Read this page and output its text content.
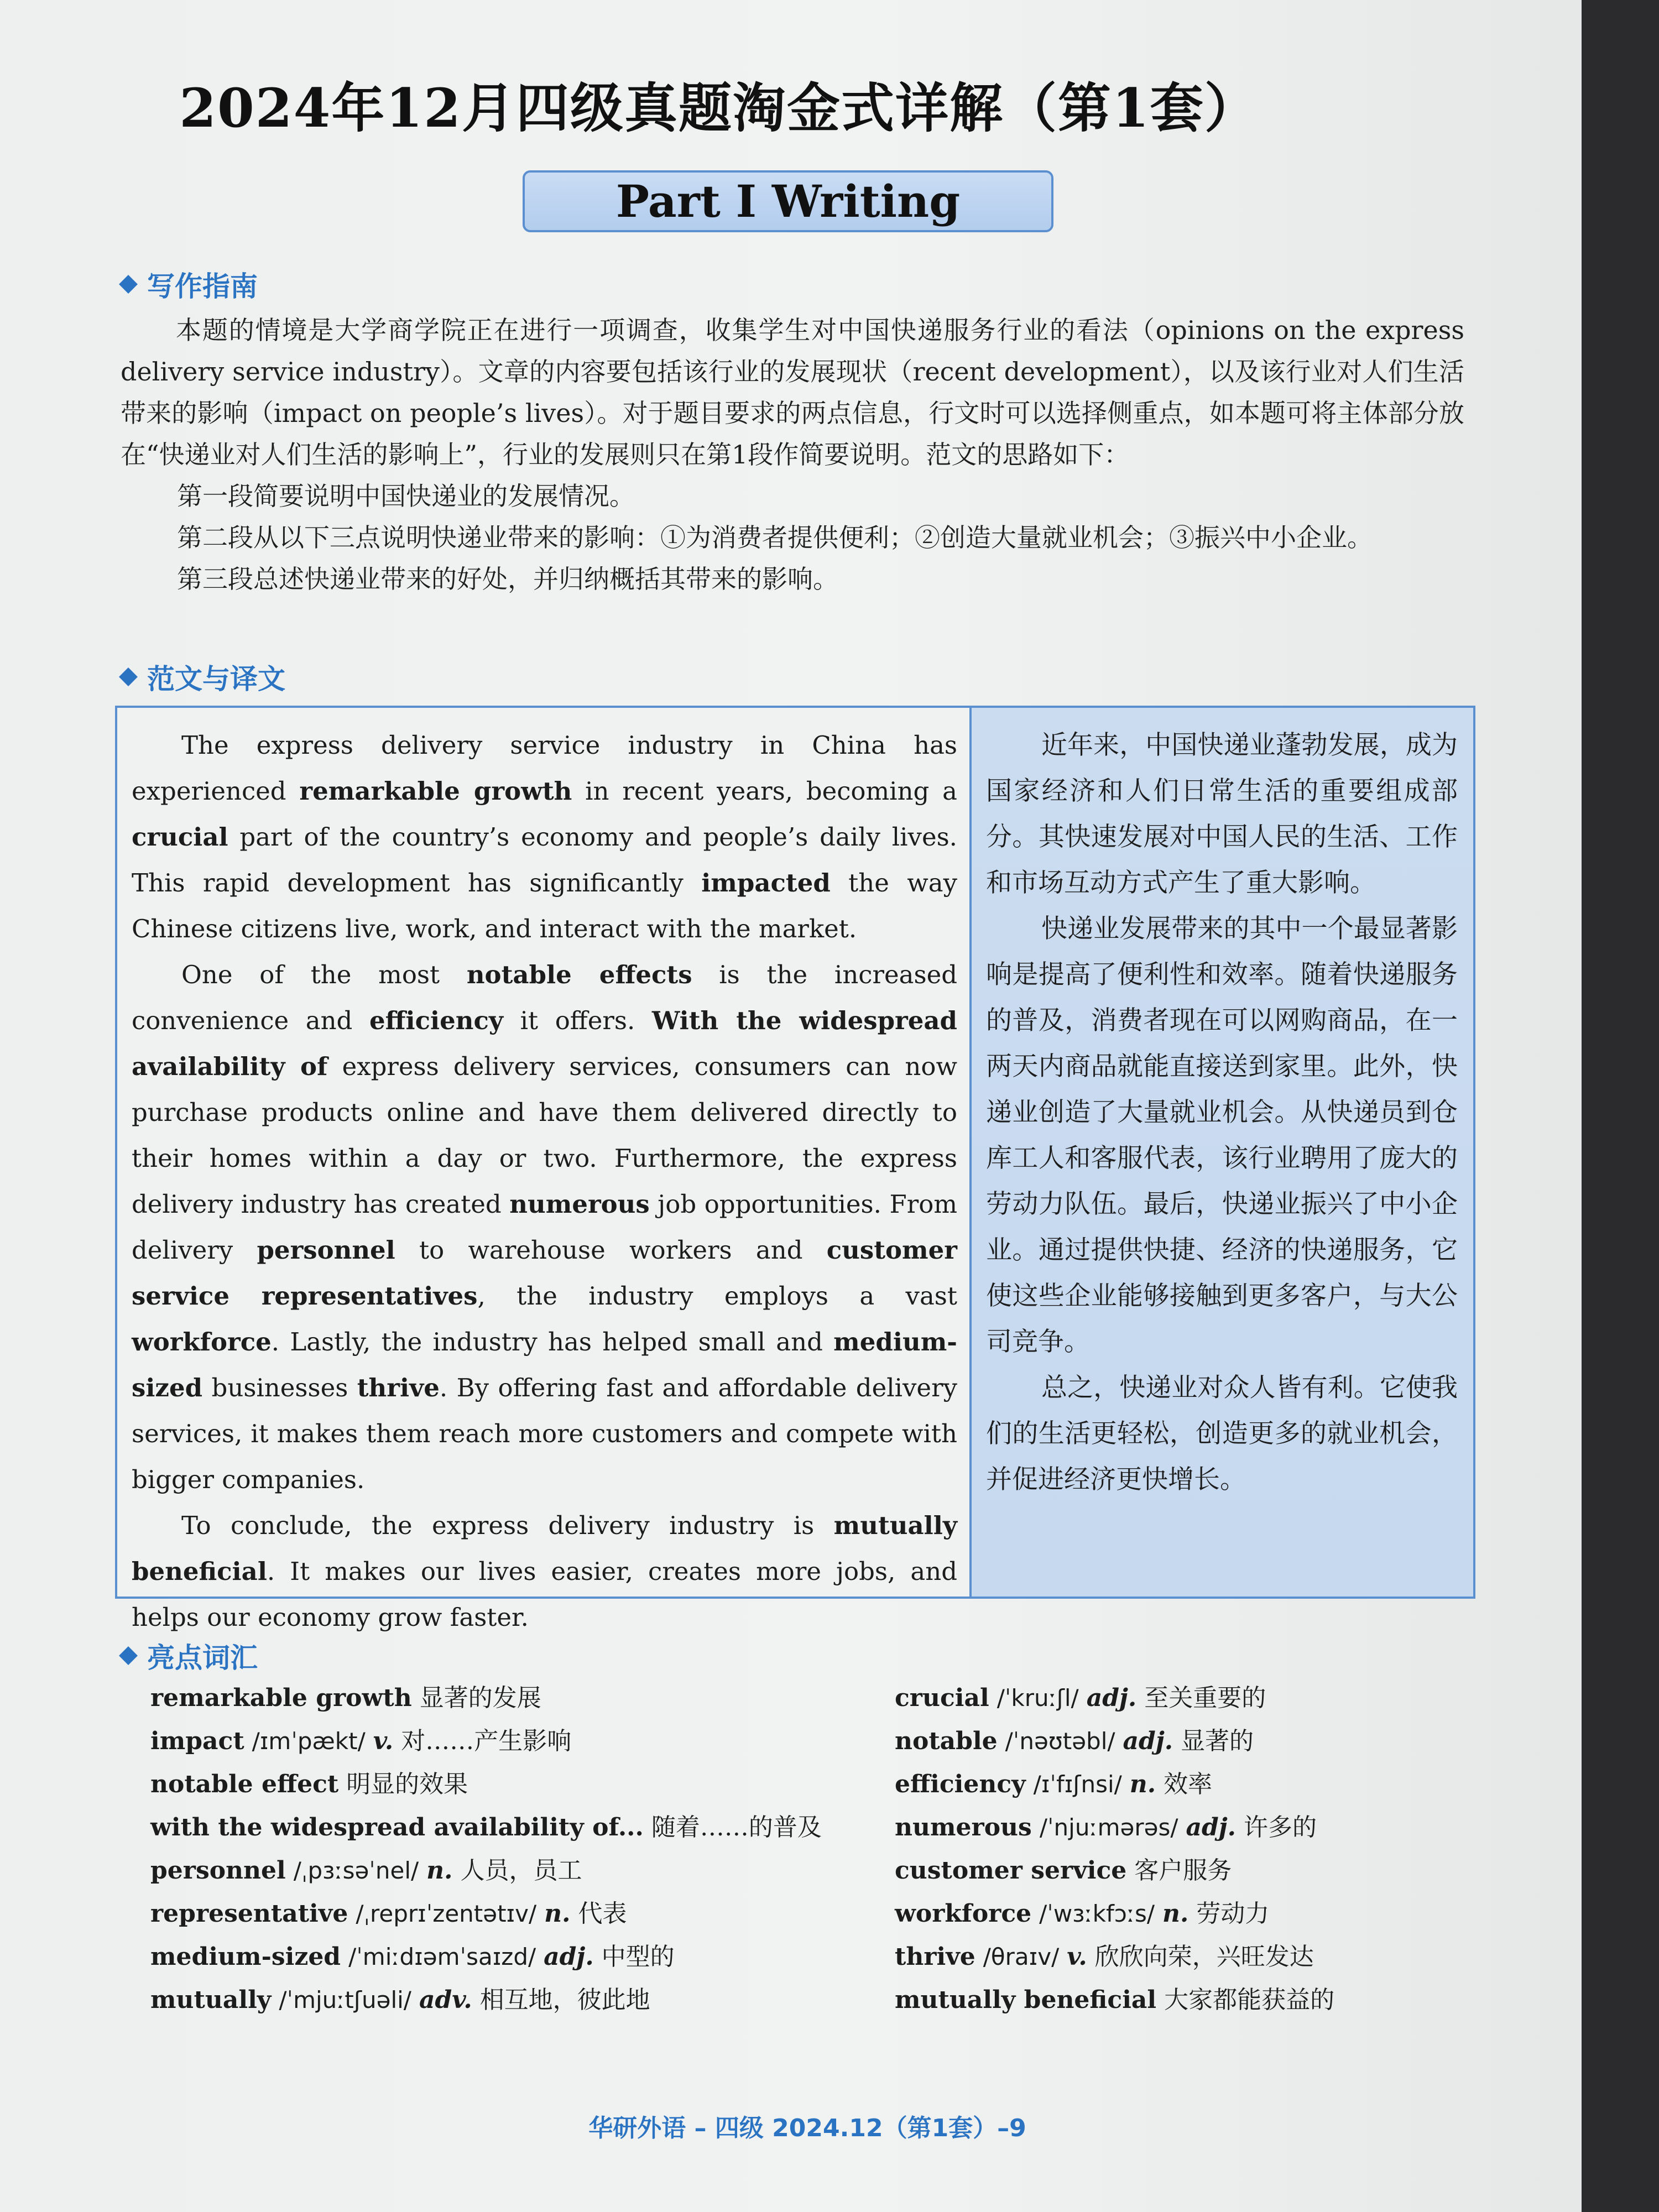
2024年12月四级真题淘金式详解（第1套）
Part I Writing
写作指南

本题的情境是大学商学院正在进行一项调查，收集学生对中国快递服务行业的看法（opinions on the express delivery service industry）。文章的内容要包括该行业的发展现状（recent development），以及该行业对人们生活带来的影响（impact on people’s lives）。对于题目要求的两点信息，行文时可以选择侧重点，如本题可将主体部分放在“快递业对人们生活的影响上”，行业的发展则只在第1段作简要说明。范文的思路如下：

第一段简要说明中国快递业的发展情况。

第二段从以下三点说明快递业带来的影响：①为消费者提供便利；②创造大量就业机会；③振兴中小企业。

第三段总述快递业带来的好处，并归纳概括其带来的影响。

范文与译文

The express delivery service industry in China has experienced remarkable growth in recent years, becoming a crucial part of the country’s economy and people’s daily lives. This rapid development has significantly impacted the way Chinese citizens live, work, and interact with the market.

One of the most notable effects is the increased convenience and efficiency it offers. With the widespread availability of express delivery services, consumers can now purchase products online and have them delivered directly to their homes within a day or two. Furthermore, the express delivery industry has created numerous job opportunities. From delivery personnel to warehouse workers and customer service representatives, the industry employs a vast workforce. Lastly, the industry has helped small and medium-sized businesses thrive. By offering fast and affordable delivery services, it makes them reach more customers and compete with bigger companies.

To conclude, the express delivery industry is mutually beneficial. It makes our lives easier, creates more jobs, and helps our economy grow faster.

近年来，中国快递业蓬勃发展，成为国家经济和人们日常生活的重要组成部分。其快速发展对中国人民的生活、工作和市场互动方式产生了重大影响。

快递业发展带来的其中一个最显著影响是提高了便利性和效率。随着快递服务的普及，消费者现在可以网购商品，在一两天内商品就能直接送到家里。此外，快递业创造了大量就业机会。从快递员到仓库工人和客服代表，该行业聘用了庞大的劳动力队伍。最后，快递业振兴了中小企业。通过提供快捷、经济的快递服务，它使这些企业能够接触到更多客户，与大公司竞争。

总之，快递业对众人皆有利。它使我们的生活更轻松，创造更多的就业机会，并促进经济更快增长。

亮点词汇
remarkable growth 显著的发展
impact /ɪmˈpækt/ v. 对……产生影响
notable effect 明显的效果
with the widespread availability of... 随着……的普及
personnel /ˌpɜːsəˈnel/ n. 人员，员工
representative /ˌreprɪˈzentətɪv/ n. 代表
medium-sized /ˈmiːdɪəmˈsaɪzd/ adj. 中型的
mutually /ˈmjuːtʃuəli/ adv. 相互地，彼此地
crucial /ˈkruːʃl/ adj. 至关重要的
notable /ˈnəʊtəbl/ adj. 显著的
efficiency /ɪˈfɪʃnsi/ n. 效率
numerous /ˈnjuːmərəs/ adj. 许多的
customer service 客户服务
workforce /ˈwɜːkfɔːs/ n. 劳动力
thrive /θraɪv/ v. 欣欣向荣，兴旺发达
mutually beneficial 大家都能获益的
华研外语 – 四级 2024.12（第1套）–9
